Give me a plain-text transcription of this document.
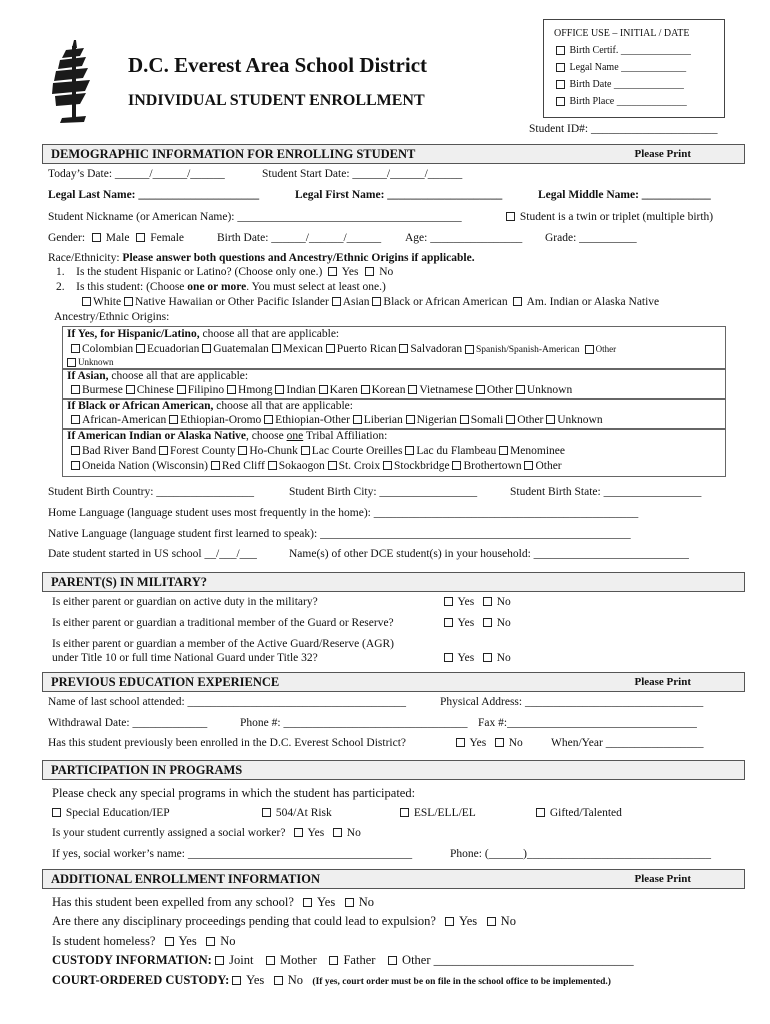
D.C. Everest Area School District
INDIVIDUAL STUDENT ENROLLMENT
OFFICE USE – INITIAL / DATE
Birth Certif. ______________
Legal Name _____________
Birth Date ______________
Birth Place ______________
Student ID#: ______________________
DEMOGRAPHIC INFORMATION FOR ENROLLING STUDENT	Please Print
Today’s Date: ______/______/______	Student Start Date: ______/______/______
Legal Last Name: _____________________	Legal First Name: ____________________	Legal Middle Name: ____________
Student Nickname (or American Name): _______________________________________	Student is a twin or triplet (multiple birth)
Gender: Male Female	Birth Date: ______/______/______ Age: ________________ Grade: __________
Race/Ethnicity: Please answer both questions and Ancestry/Ethnic Origins if applicable.
1. Is the student Hispanic or Latino? (Choose only one.) Yes No
2. Is this student: (Choose one or more. You must select at least one.)
White Native Hawaiian or Other Pacific Islander Asian Black or African American Am. Indian or Alaska Native
Ancestry/Ethnic Origins:
If Yes, for Hispanic/Latino, choose all that are applicable:
Colombian Ecuadorian Guatemalan Mexican Puerto Rican Salvadoran Spanish/Spanish-American Other
Unknown
If Asian, choose all that are applicable:
Burmese Chinese Filipino Hmong Indian Karen Korean Vietnamese Other Unknown
If Black or African American, choose all that are applicable:
African-American Ethiopian-Oromo Ethiopian-Other Liberian Nigerian Somali Other Unknown
If American Indian or Alaska Native, choose one Tribal Affiliation:
Bad River Band Forest County Ho-Chunk Lac Courte Oreilles Lac du Flambeau Menominee
Oneida Nation (Wisconsin) Red Cliff Sokaogon St. Croix Stockbridge Brothertown Other
Student Birth Country: _________________	Student Birth City: _________________	Student Birth State: _________________
Home Language (language student uses most frequently in the home): ______________________________________________
Native Language (language student first learned to speak): ______________________________________________________
Date student started in US school __/___/___	Name(s) of other DCE student(s) in your household: ___________________________
PARENT(S) IN MILITARY?
Is either parent or guardian on active duty in the military?	Yes No
Is either parent or guardian a traditional member of the Guard or Reserve?	Yes No
Is either parent or guardian a member of the Active Guard/Reserve (AGR)
under Title 10 or full time National Guard under Title 32?	Yes No
PREVIOUS EDUCATION EXPERIENCE	Please Print
Name of last school attended: ______________________________________	Physical Address: _______________________________
Withdrawal Date: _____________	Phone #: ________________________________ Fax #:_________________________________
Has this student previously been enrolled in the D.C. Everest School District?	Yes No When/Year _________________
PARTICIPATION IN PROGRAMS
Please check any special programs in which the student has participated:
Special Education/IEP	504/At Risk	ESL/ELL/EL	Gifted/Talented
Is your student currently assigned a social worker? Yes No
If yes, social worker’s name: _______________________________________	Phone: (______)________________________________
ADDITIONAL ENROLLMENT INFORMATION	Please Print
Has this student been expelled from any school? Yes No
Are there any disciplinary proceedings pending that could lead to expulsion? Yes No
Is student homeless? Yes No
CUSTODY INFORMATION: Joint Mother Father Other ________________________________
COURT-ORDERED CUSTODY: Yes No (If yes, court order must be on file in the school office to be implemented.)
